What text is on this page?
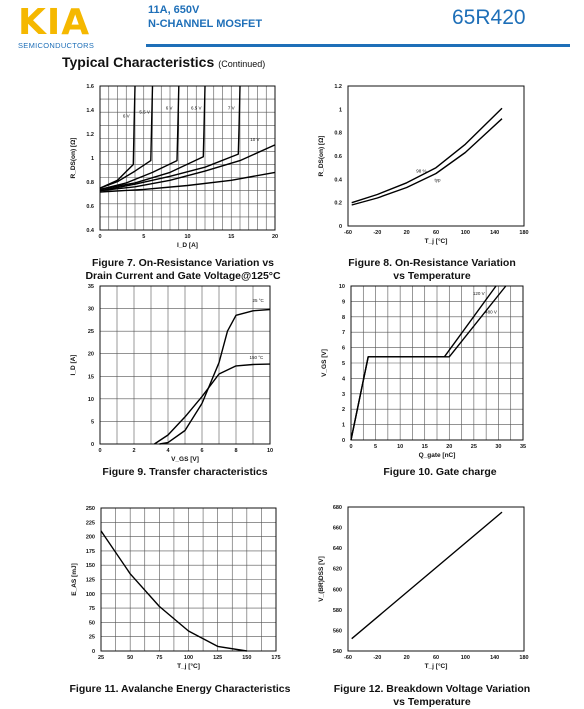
KIA
SEMICONDUCTORS
11A, 650V
N-CHANNEL MOSFET	65R420
Typical Characteristics (Continued)
0	5	10	15	20
0.4
0.6
0.8
1
1.2
1.4
1.6
I_D [A]
R_DS(on) [Ω]
6 V
5.5 V
6 V	6.5 V	7 V
10 V
-60	-20	20	60	100	140	180
0
0.2
0.4
0.6
0.8
1
1.2
T_j [°C]
R_DS(on) [Ω]	98 %
typ
0	2	4	6	8	10
0
5
10
15
20
25
30
35
V_GS [V]
I_D [A]
25 °C
150 °C
0	5	10	15	20	25	30	35
0
1
2
3
4
5
6
7
8
9
10
Q_gate [nC]
V_GS [V]
120 V
480 V
25	50	75	100	125	150	175
0
25
50
75
100
125
150
175
200
225
250
T_j [°C]
E_AS [mJ]
-60	-20	20	60	100	140	180
540
560
580
600
620
640
660
680
T_j [°C]
V_(BR)DSS [V]
Figure 7. On-Resistance Variation vs
Drain Current and Gate Voltage@125°C
Figure 8. On-Resistance Variation
vs Temperature
Figure 9. Transfer characteristics	Figure 10. Gate charge
Figure 11. Avalanche Energy Characteristics	Figure 12. Breakdown Voltage Variation
vs Temperature
